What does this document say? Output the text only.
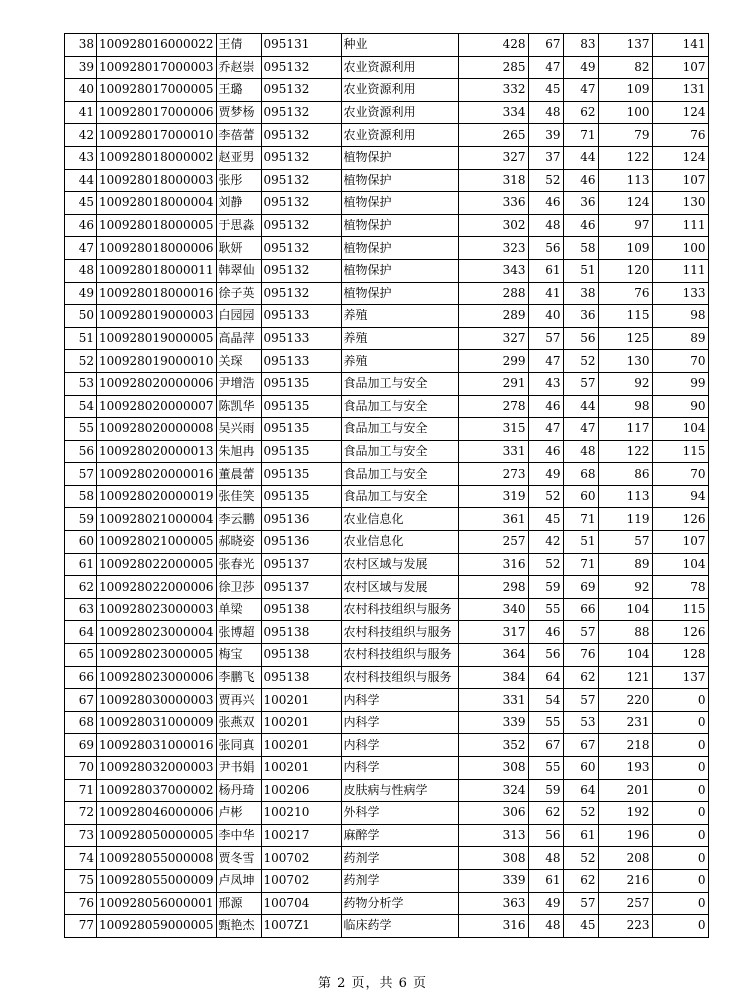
38	100928016000022	王倩	095131	种业	428	67	83	137	141
39	100928017000003	乔赵崇	095132	农业资源利用	285	47	49	82	107
40	100928017000005	王璐	095132	农业资源利用	332	45	47	109	131
41	100928017000006	贾梦杨	095132	农业资源利用	334	48	62	100	124
42	100928017000010	李蓓蕾	095132	农业资源利用	265	39	71	79	76
43	100928018000002	赵亚男	095132	植物保护	327	37	44	122	124
44	100928018000003	张彤	095132	植物保护	318	52	46	113	107
45	100928018000004	刘静	095132	植物保护	336	46	36	124	130
46	100928018000005	于思淼	095132	植物保护	302	48	46	97	111
47	100928018000006	耿妍	095132	植物保护	323	56	58	109	100
48	100928018000011	韩翠仙	095132	植物保护	343	61	51	120	111
49	100928018000016	徐子英	095132	植物保护	288	41	38	76	133
50	100928019000003	白园园	095133	养殖	289	40	36	115	98
51	100928019000005	高晶萍	095133	养殖	327	57	56	125	89
52	100928019000010	关琛	095133	养殖	299	47	52	130	70
53	100928020000006	尹增浩	095135	食品加工与安全	291	43	57	92	99
54	100928020000007	陈凯华	095135	食品加工与安全	278	46	44	98	90
55	100928020000008	吴兴雨	095135	食品加工与安全	315	47	47	117	104
56	100928020000013	朱旭冉	095135	食品加工与安全	331	46	48	122	115
57	100928020000016	董晨蕾	095135	食品加工与安全	273	49	68	86	70
58	100928020000019	张佳笑	095135	食品加工与安全	319	52	60	113	94
59	100928021000004	李云鹏	095136	农业信息化	361	45	71	119	126
60	100928021000005	郝晓姿	095136	农业信息化	257	42	51	57	107
61	100928022000005	张春光	095137	农村区域与发展	316	52	71	89	104
62	100928022000006	徐卫莎	095137	农村区域与发展	298	59	69	92	78
63	100928023000003	单梁	095138	农村科技组织与服务	340	55	66	104	115
64	100928023000004	张博超	095138	农村科技组织与服务	317	46	57	88	126
65	100928023000005	梅宝	095138	农村科技组织与服务	364	56	76	104	128
66	100928023000006	李鹏飞	095138	农村科技组织与服务	384	64	62	121	137
67	100928030000003	贾再兴	100201	内科学	331	54	57	220	0
68	100928031000009	张燕双	100201	内科学	339	55	53	231	0
69	100928031000016	张同真	100201	内科学	352	67	67	218	0
70	100928032000003	尹书娟	100201	内科学	308	55	60	193	0
71	100928037000002	杨丹琦	100206	皮肤病与性病学	324	59	64	201	0
72	100928046000006	卢彬	100210	外科学	306	62	52	192	0
73	100928050000005	李中华	100217	麻醉学	313	56	61	196	0
74	100928055000008	贾冬雪	100702	药剂学	308	48	52	208	0
75	100928055000009	卢凤坤	100702	药剂学	339	61	62	216	0
76	100928056000001	邢源	100704	药物分析学	363	49	57	257	0
77	100928059000005	甄艳杰	1007Z1	临床药学	316	48	45	223	0
第 2 页，共 6 页
